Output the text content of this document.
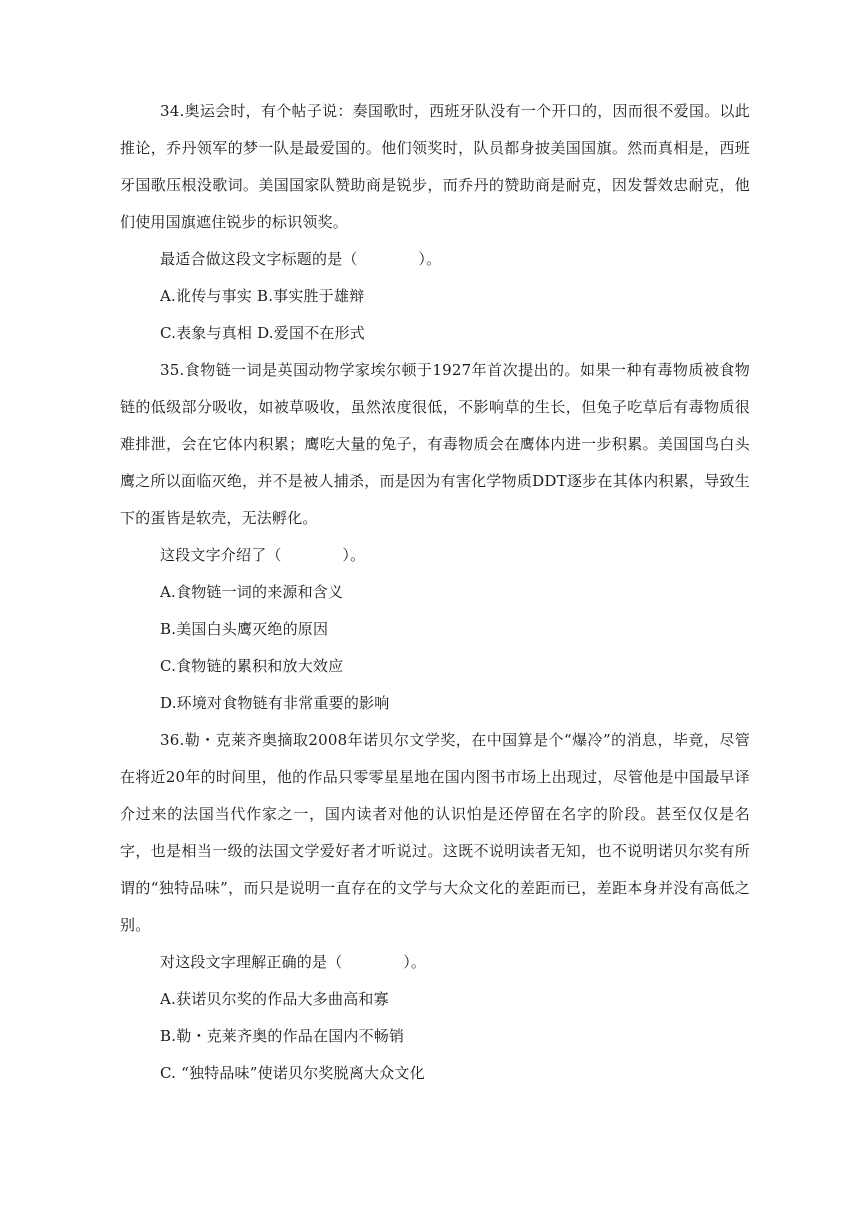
34.奥运会时，有个帖子说：奏国歌时，西班牙队没有一个开口的，因而很不爱国。以此推论，乔丹领军的梦一队是最爱国的。他们领奖时，队员都身披美国国旗。然而真相是，西班牙国歌压根没歌词。美国国家队赞助商是锐步，而乔丹的赞助商是耐克，因发誓效忠耐克，他们使用国旗遮住锐步的标识领奖。

最适合做这段文字标题的是（　　　　）。

A.讹传与事实 B.事实胜于雄辩

C.表象与真相 D.爱国不在形式

35.食物链一词是英国动物学家埃尔顿于1927年首次提出的。如果一种有毒物质被食物链的低级部分吸收，如被草吸收，虽然浓度很低，不影响草的生长，但兔子吃草后有毒物质很难排泄，会在它体内积累；鹰吃大量的兔子，有毒物质会在鹰体内进一步积累。美国国鸟白头鹰之所以面临灭绝，并不是被人捕杀，而是因为有害化学物质DDT逐步在其体内积累，导致生下的蛋皆是软壳，无法孵化。

这段文字介绍了（　　　　）。

A.食物链一词的来源和含义

B.美国白头鹰灭绝的原因

C.食物链的累积和放大效应

D.环境对食物链有非常重要的影响

36.勒・克莱齐奥摘取2008年诺贝尔文学奖，在中国算是个“爆冷”的消息，毕竟，尽管在将近20年的时间里，他的作品只零零星星地在国内图书市场上出现过，尽管他是中国最早译介过来的法国当代作家之一，国内读者对他的认识怕是还停留在名字的阶段。甚至仅仅是名字，也是相当一级的法国文学爱好者才听说过。这既不说明读者无知，也不说明诺贝尔奖有所谓的“独特品味”，而只是说明一直存在的文学与大众文化的差距而已，差距本身并没有高低之别。

对这段文字理解正确的是（　　　　）。

A.获诺贝尔奖的作品大多曲高和寡

B.勒・克莱齐奥的作品在国内不畅销

C. “独特品味”使诺贝尔奖脱离大众文化
